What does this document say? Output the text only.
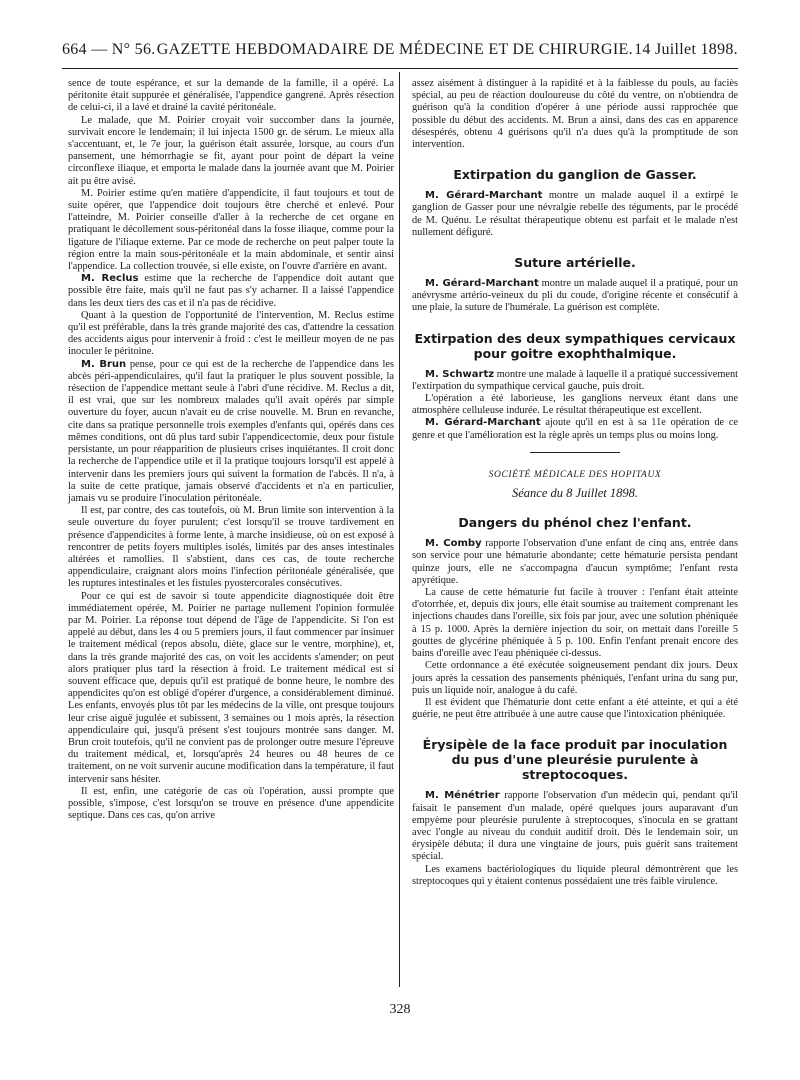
664 — N° 56. GAZETTE HEBDOMADAIRE DE MÉDECINE ET DE CHIRURGIE. 14 Juillet 1898.

sence de toute espérance, et sur la demande de la famille, il a opéré. La péritonite était suppurée et généralisée, l'appendice gangrené. Après résection de celui-ci, il a lavé et drainé la cavité péritonéale.

Le malade, que M. Poirier croyait voir succomber dans la journée, survivait encore le lendemain; il lui injecta 1500 gr. de sérum. Le mieux alla s'accentuant, et, le 7e jour, la guérison était assurée, lorsque, au cours d'un pansement, une hémorrhagie se fit, ayant pour point de départ la veine circonflexe iliaque, et emporta le malade dans la journée avant que M. Poirier ait pu être avisé.

M. Poirier estime qu'en matière d'appendicite, il faut toujours et tout de suite opérer, que l'appendice doit toujours être cherché et enlevé. Pour l'atteindre, M. Poirier conseille d'aller à la recherche de cet organe en pratiquant le décollement sous-péritonéal dans la fosse iliaque, comme pour la ligature de l'iliaque externe. Par ce mode de recherche on peut palper toute la région entre la main sous-péritonéale et la main abdominale, et sentir ainsi l'appendice. La collection trouvée, si elle existe, on l'ouvre d'arrière en avant.

M. Reclus estime que la recherche de l'appendice doit autant que possible être faite, mais qu'il ne faut pas s'y acharner. Il a laissé l'appendice dans les deux tiers des cas et il n'a pas de récidive.

Quant à la question de l'opportunité de l'intervention, M. Reclus estime qu'il est préférable, dans la très grande majorité des cas, d'attendre la cessation des accidents aigus pour intervenir à froid : c'est le meilleur moyen de ne pas inoculer le péritoine.

M. Brun pense, pour ce qui est de la recherche de l'appendice dans les abcès péri-appendiculaires, qu'il faut la pratiquer le plus souvent possible, la résection de l'appendice mettant seule à l'abri d'une récidive. M. Reclus a dit, il est vrai, que sur les nombreux malades qu'il avait opérés par simple ouverture du foyer, aucun n'avait eu de crise nouvelle. M. Brun en revanche, cite dans sa pratique personnelle trois exemples d'enfants qui, opérés dans ces mêmes conditions, ont dû plus tard subir l'appendicectomie, deux pour fistule persistante, un pour réapparition de plusieurs crises inquiétantes. Il croit donc la recherche de l'appendice utile et il la pratique toujours lorsqu'il est appelé à intervenir dans les premiers jours qui suivent la formation de l'abcès. Il n'a, à la suite de cette pratique, jamais observé d'accidents et n'a en particulier, jamais vu se produire l'inoculation péritonéale.

Il est, par contre, des cas toutefois, où M. Brun limite son intervention à la seule ouverture du foyer purulent; c'est lorsqu'il se trouve tardivement en présence d'appendicites à forme lente, à marche insidieuse, où on est exposé à rencontrer de petits foyers multiples isolés, limités par des anses intestinales altérées et ramollies. Il s'abstient, dans ces cas, de toute recherche appendiculaire, craignant alors moins l'infection péritonéale généralisée, que les ruptures intestinales et les fistules pyostercorales consécutives.

Pour ce qui est de savoir si toute appendicite diagnostiquée doit être immédiatement opérée, M. Poirier ne partage nullement l'opinion formulée par M. Poirier. La réponse tout dépend de l'âge de l'appendicite. Si l'on est appelé au début, dans les 4 ou 5 premiers jours, il faut commencer par insinuer le traitement médical (repos absolu, diète, glace sur le ventre, morphine), et, dans la très grande majorité des cas, on voit les accidents s'amender; on peut alors pratiquer plus tard la résection à froid. Le traitement médical est si souvent efficace que, depuis qu'il est pratiqué de bonne heure, le nombre des appendicites qu'on est obligé d'opérer d'urgence, a considérablement diminué. Les enfants, envoyés plus tôt par les médecins de la ville, ont presque toujours leur crise aiguë jugulée et subissent, 3 semaines ou 1 mois après, la résection appendiculaire qui, jusqu'à présent s'est toujours montrée sans danger. M. Brun croit toutefois, qu'il ne convient pas de prolonger outre mesure l'épreuve du traitement médical, et, lorsqu'après 24 heures ou 48 heures de ce traitement, on ne voit survenir aucune modification dans la température, il faut intervenir sans hésiter.

Il est, enfin, une catégorie de cas où l'opération, aussi prompte que possible, s'impose, c'est lorsqu'on se trouve en présence d'une appendicite septique. Dans ces cas, qu'on arrive

assez aisément à distinguer à la rapidité et à la faiblesse du pouls, au faciès spécial, au peu de réaction douloureuse du côté du ventre, on n'obtiendra de guérison qu'à la condition d'opérer à une période aussi rapprochée que possible du début des accidents. M. Brun a ainsi, dans des cas en apparence désespérés, obtenu 4 guérisons qu'il n'a dues qu'à la promptitude de son intervention.

Extirpation du ganglion de Gasser.

M. Gérard-Marchant montre un malade auquel il a extirpé le ganglion de Gasser pour une névralgie rebelle des téguments, par le procédé de M. Quénu. Le résultat thérapeutique obtenu est parfait et le malade n'est nullement défiguré.

Suture artérielle.

M. Gérard-Marchant montre un malade auquel il a pratiqué, pour un anévrysme artério-veineux du pli du coude, d'origine récente et consécutif à une plaie, la suture de l'humérale. La guérison est complète.

Extirpation des deux sympathiques cervicaux pour goitre exophthalmique.

M. Schwartz montre une malade à laquelle il a pratiqué successivement l'extirpation du sympathique cervical gauche, puis droit.

L'opération a été laborieuse, les ganglions nerveux étant dans une atmosphère celluleuse indurée. Le résultat thérapeutique est excellent.

M. Gérard-Marchant ajoute qu'il en est à sa 11e opération de ce genre et que l'amélioration est la règle après un temps plus ou moins long.

SOCIÉTÉ MÉDICALE DES HOPITAUX
Séance du 8 Juillet 1898.
Dangers du phénol chez l'enfant.

M. Comby rapporte l'observation d'une enfant de cinq ans, entrée dans son service pour une hématurie abondante; cette hématurie persista pendant quinze jours, elle ne s'accompagna d'aucun symptôme; l'enfant resta apyrétique.

La cause de cette hématurie fut facile à trouver : l'enfant était atteinte d'otorrhée, et, depuis dix jours, elle était soumise au traitement comprenant les injections chaudes dans l'oreille, six fois par jour, avec une solution phéniquée à 15 p. 1000. Après la dernière injection du soir, on mettait dans l'oreille 5 gouttes de glycérine phéniquée à 5 p. 100. Enfin l'enfant prenait encore des bains d'oreille avec l'eau phéniquée ci-dessus.

Cette ordonnance a été exécutée soigneusement pendant dix jours. Deux jours après la cessation des pansements phéniqués, l'enfant urina du sang pur, puis un liquide noir, analogue à du café.

Il est évident que l'hématurie dont cette enfant a été atteinte, et qui a été guérie, ne peut être attribuée à une autre cause que l'intoxication phéniquée.

Érysipèle de la face produit par inoculation du pus d'une pleurésie purulente à streptocoques.

M. Ménétrier rapporte l'observation d'un médecin qui, pendant qu'il faisait le pansement d'un malade, opéré quelques jours auparavant d'un empyème pour pleurésie purulente à streptocoques, s'inocula en se grattant avec l'ongle au niveau du conduit auditif droit. Dès le lendemain soir, un érysipèle débuta; il dura une vingtaine de jours, puis guérit sans traitement spécial.

Les examens bactériologiques du liquide pleural démontrèrent que les streptocoques qui y étaient contenus possédaient une très faible virulence.

328
